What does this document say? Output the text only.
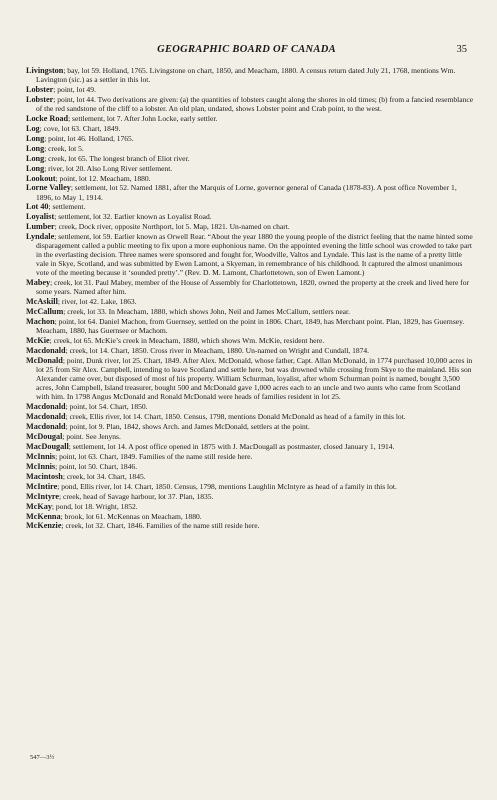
GEOGRAPHIC BOARD OF CANADA	35

Livingston; bay, lot 59. Holland, 1765. Livingstone on chart, 1850, and Meacham, 1880. A census return dated July 21, 1768, mentions Wm. Lavington (sic.) as a settler in this lot.

Lobster; point, lot 49.

Lobster; point, lot 44. Two derivations are given: (a) the quantities of lobsters caught along the shores in old times; (b) from a fancied resemblance of the red sandstone of the cliff to a lobster. An old plan, undated, shows Lobster point and Crab point, to the west.

Locke Road; settlement, lot 7. After John Locke, early settler.

Log; cove, lot 63. Chart, 1849.

Long; point, lot 46. Holland, 1765.

Long; creek, lot 5.

Long; creek, lot 65. The longest branch of Eliot river.

Long; river, lot 20. Also Long River settlement.

Lookout; point, lot 12. Meacham, 1880.

Lorne Valley; settlement, lot 52. Named 1881, after the Marquis of Lorne, governor general of Canada (1878-83). A post office November 1, 1896, to May 1, 1914.

Lot 40; settlement.

Loyalist; settlement, lot 32. Earlier known as Loyalist Road.

Lumber; creek, Dock river, opposite Northport, lot 5. Map, 1821. Un-named on chart.

Lyndale; settlement, lot 59. Earlier known as Orwell Rear. “About the year 1880 the young people of the district feeling that the name hinted some disparagement called a public meeting to fix upon a more euphonious name. On the appointed evening the little school was crowded to take part in the everlasting decision. Three names were sponsored and fought for, Woodville, Valtos and Lyndale. This last is the name of a pretty little vale in Skye, Scotland, and was submitted by Ewen Lamont, a Skyeman, in remembrance of his childhood. It captured the almost unanimous vote of the meeting because it ‘sounded pretty’.” (Rev. D. M. Lamont, Charlottetown, son of Ewen Lamont.)

Mabey; creek, lot 31. Paul Mabey, member of the House of Assembly for Charlottetown, 1820, owned the property at the creek and lived here for some years. Named after him.

McAskill; river, lot 42. Lake, 1863.

McCallum; creek, lot 33. In Meacham, 1880, which shows John, Neil and James McCallum, settlers near.

Machon; point, lot 64. Daniel Machon, from Guernsey, settled on the point in 1806. Chart, 1849, has Merchant point. Plan, 1829, has Guernsey. Meacham, 1880, has Guernsee or Machom.

McKie; creek, lot 65. McKie’s creek in Meacham, 1880, which shows Wm. McKie, resident here.

Macdonald; creek, lot 14. Chart, 1850. Cross river in Meacham, 1880. Un-named on Wright and Cundall, 1874.

McDonald; point, Dunk river, lot 25. Chart, 1849. After Alex. McDonald, whose father, Capt. Allan McDonald, in 1774 purchased 10,000 acres in lot 25 from Sir Alex. Campbell, intending to leave Scotland and settle here, but was drowned while crossing from Skye to the mainland. His son Alexander came over, but disposed of most of his property. William Schurman, loyalist, after whom Schurman point is named, bought 3,500 acres, John Campbell, Island treasurer, bought 500 and McDonald gave 1,000 acres each to an uncle and two aunts who came from Scotland with him. In 1798 Angus McDonald and Ronald McDonald were heads of families resident in lot 25.

Macdonald; point, lot 54. Chart, 1850.

Macdonald; creek, Ellis river, lot 14. Chart, 1850. Census, 1798, mentions Donald McDonald as head of a family in this lot.

Macdonald; point, lot 9. Plan, 1842, shows Arch. and James McDonald, settlers at the point.

McDougal; point. See Jenyns.

MacDougall; settlement, lot 14. A post office opened in 1875 with J. MacDougall as postmaster, closed January 1, 1914.

McInnis; point, lot 63. Chart, 1849. Families of the name still reside here.

McInnis; point, lot 50. Chart, 1846.

Macintosh; creek, lot 34. Chart, 1845.

McIntire; pond, Ellis river, lot 14. Chart, 1850. Census, 1798, mentions Laughlin McIntyre as head of a family in this lot.

McIntyre; creek, head of Savage harbour, lot 37. Plan, 1835.

McKay; pond, lot 18. Wright, 1852.

McKenna; brook, lot 61. McKennas on Meacham, 1880.

McKenzie; creek, lot 32. Chart, 1846. Families of the name still reside here.

547—3½
